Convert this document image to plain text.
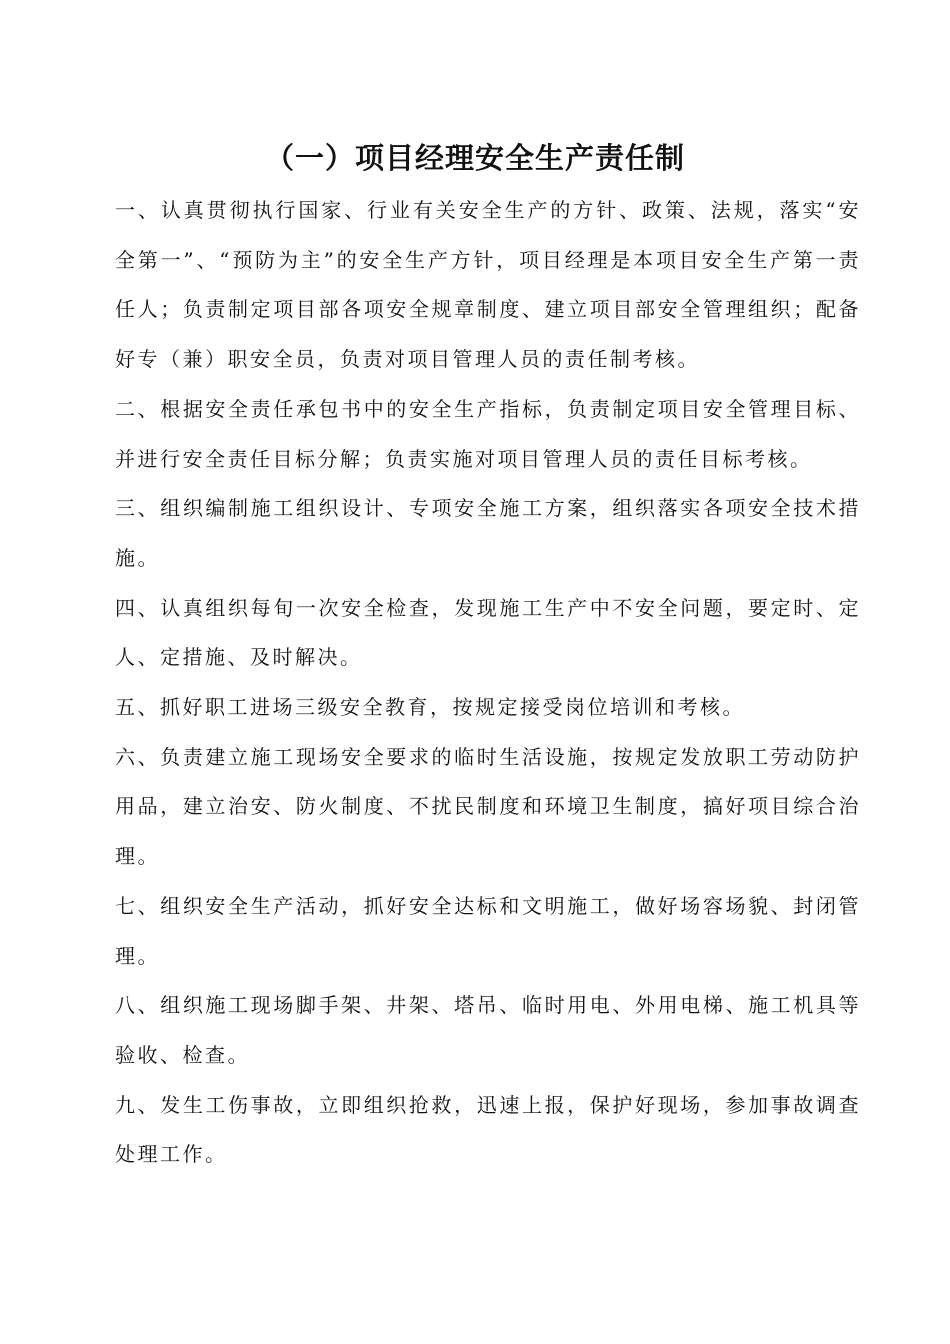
（一）项目经理安全生产责任制

一、认真贯彻执行国家、行业有关安全生产的方针、政策、法规，落实“安全第一”、“预防为主”的安全生产方针，项目经理是本项目安全生产第一责任人；负责制定项目部各项安全规章制度、建立项目部安全管理组织；配备好专（兼）职安全员，负责对项目管理人员的责任制考核。

二、根据安全责任承包书中的安全生产指标，负责制定项目安全管理目标、并进行安全责任目标分解；负责实施对项目管理人员的责任目标考核。

三、组织编制施工组织设计、专项安全施工方案，组织落实各项安全技术措施。

四、认真组织每旬一次安全检查，发现施工生产中不安全问题，要定时、定人、定措施、及时解决。

五、抓好职工进场三级安全教育，按规定接受岗位培训和考核。

六、负责建立施工现场安全要求的临时生活设施，按规定发放职工劳动防护用品，建立治安、防火制度、不扰民制度和环境卫生制度，搞好项目综合治理。

七、组织安全生产活动，抓好安全达标和文明施工，做好场容场貌、封闭管理。

八、组织施工现场脚手架、井架、塔吊、临时用电、外用电梯、施工机具等验收、检查。

九、发生工伤事故，立即组织抢救，迅速上报，保护好现场，参加事故调查处理工作。
